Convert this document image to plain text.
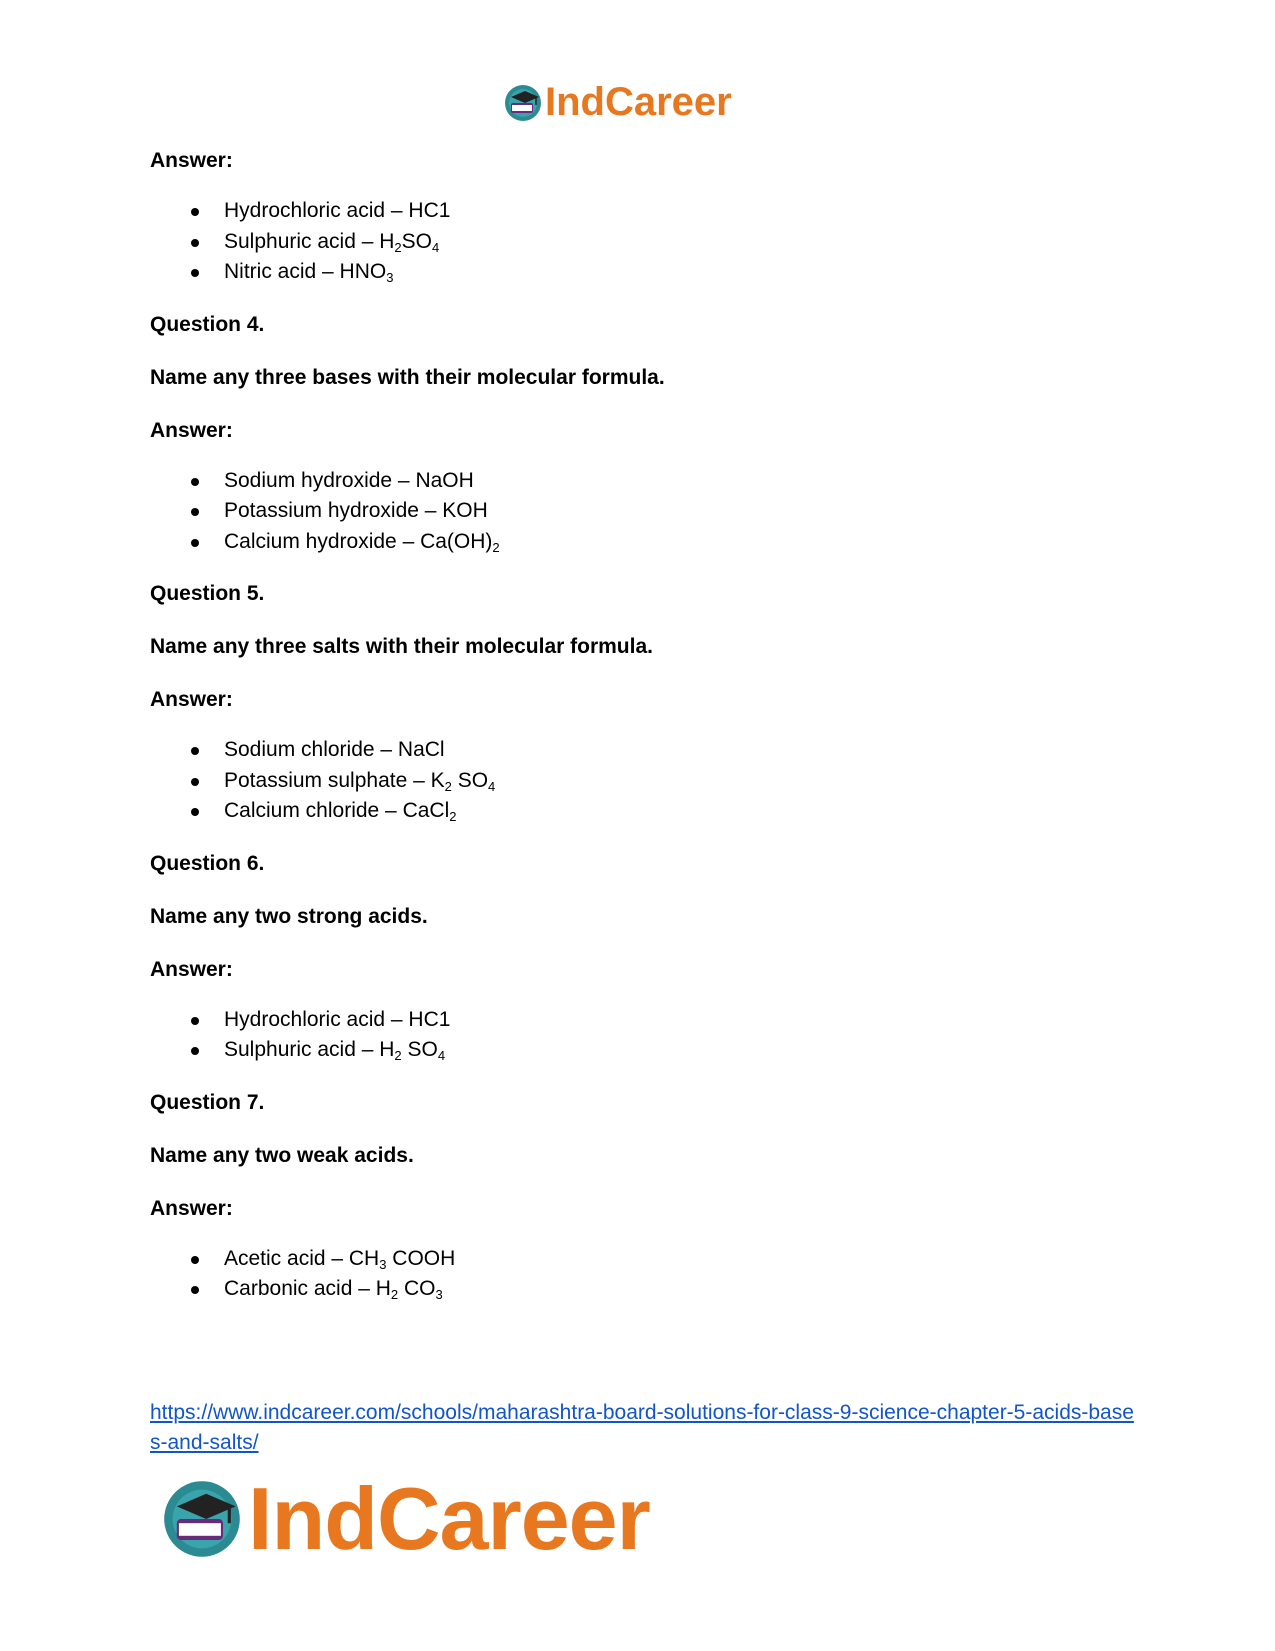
IndCareer

Answer:

Hydrochloric acid – HC1
Sulphuric acid – $H_2SO_4$
Nitric acid – $HNO_3$

Question 4.

Name any three bases with their molecular formula.

Answer:

Sodium hydroxide – NaOH
Potassium hydroxide – KOH
Calcium hydroxide – $Ca(OH)_2$

Question 5.

Name any three salts with their molecular formula.

Answer:

Sodium chloride – NaCl
Potassium sulphate – $K_2$ $SO_4$
Calcium chloride – CaCl$_2$

Question 6.

Name any two strong acids.

Answer:

Hydrochloric acid – HC1
Sulphuric acid – $H_2$ $SO_4$

Question 7.

Name any two weak acids.

Answer:

Acetic acid – $CH_3$ COOH
Carbonic acid – $H_2$ $CO_3$
https://www.indcareer.com/schools/maharashtra-board-solutions-for-class-9-science-chapter-5-acids-bases-and-salts/
IndCareer
